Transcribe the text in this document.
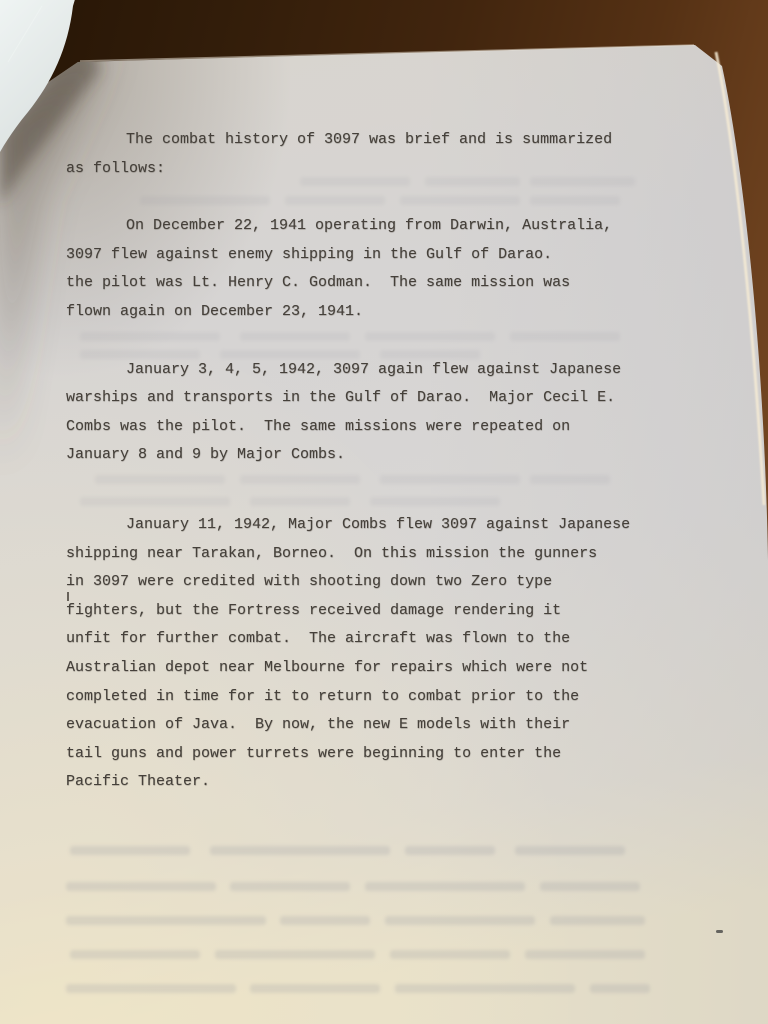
The combat history of 3097 was brief and is summarized
as follows:
On December 22, 1941 operating from Darwin, Australia,
3097 flew against enemy shipping in the Gulf of Darao.
the pilot was Lt. Henry C. Godman.  The same mission was
flown again on December 23, 1941.
January 3, 4, 5, 1942, 3097 again flew against Japanese
warships and transports in the Gulf of Darao.  Major Cecil E.
Combs was the pilot.  The same missions were repeated on
January 8 and 9 by Major Combs.
January 11, 1942, Major Combs flew 3097 against Japanese
shipping near Tarakan, Borneo.  On this mission the gunners
in 3097 were credited with shooting down two Zero type
fighters, but the Fortress received damage rendering it
unfit for further combat.  The aircraft was flown to the
Australian depot near Melbourne for repairs which were not
completed in time for it to return to combat prior to the
evacuation of Java.  By now, the new E models with their
tail guns and power turrets were beginning to enter the
Pacific Theater.
